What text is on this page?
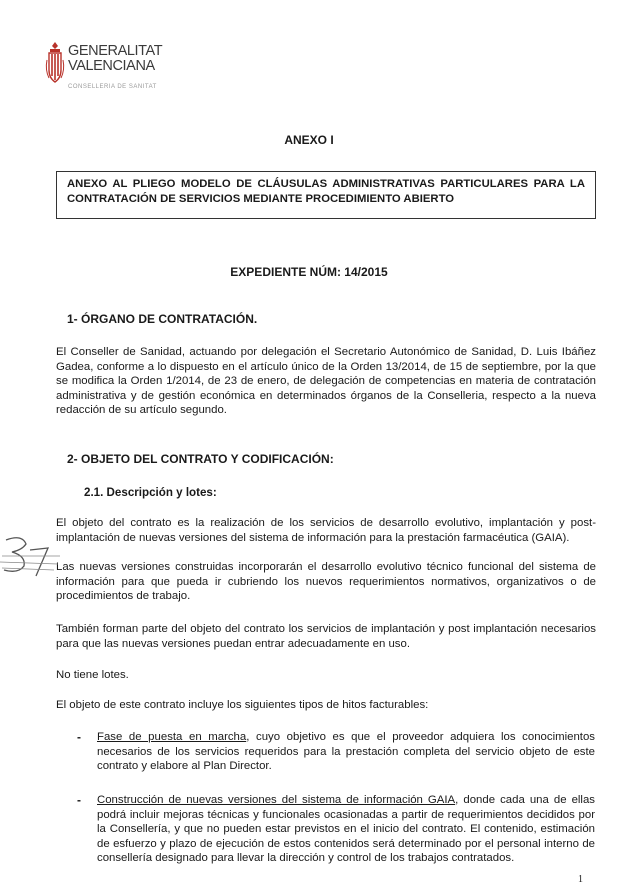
GENERALITAT
VALENCIANA
CONSELLERIA DE SANITAT
ANEXO I
ANEXO AL PLIEGO MODELO DE CLÁUSULAS ADMINISTRATIVAS PARTICULARES PARA LA CONTRATACIÓN DE SERVICIOS MEDIANTE PROCEDIMIENTO ABIERTO
EXPEDIENTE NÚM: 14/2015
1- ÓRGANO DE CONTRATACIÓN.
El Conseller de Sanidad, actuando por delegación el Secretario Autonómico de Sanidad, D. Luis Ibáñez Gadea, conforme a lo dispuesto en el artículo único de la Orden 13/2014, de 15 de septiembre, por la que se modifica la Orden 1/2014, de 23 de enero, de delegación de competencias en materia de contratación administrativa y de gestión económica en determinados órganos de la Conselleria, respecto a la nueva redacción de su artículo segundo.
2- OBJETO DEL CONTRATO Y CODIFICACIÓN:
2.1. Descripción y lotes:
El objeto del contrato es la realización de los servicios de desarrollo evolutivo, implantación y post-implantación de nuevas versiones del sistema de información para la prestación farmacéutica (GAIA).
Las nuevas versiones construidas incorporarán el desarrollo evolutivo técnico funcional del sistema de información para que pueda ir cubriendo los nuevos requerimientos normativos, organizativos o de procedimientos de trabajo.
También forman parte del objeto del contrato los servicios de implantación y post implantación necesarios para que las nuevas versiones puedan entrar adecuadamente en uso.
No tiene lotes.
El objeto de este contrato incluye los siguientes tipos de hitos facturables:
- Fase de puesta en marcha, cuyo objetivo es que el proveedor adquiera los conocimientos necesarios de los servicios requeridos para la prestación completa del servicio objeto de este contrato y elabore al Plan Director.
- Construcción de nuevas versiones del sistema de información GAIA, donde cada una de ellas podrá incluir mejoras técnicas y funcionales ocasionadas a partir de requerimientos decididos por la Consellería, y que no pueden estar previstos en el inicio del contrato. El contenido, estimación de esfuerzo y plazo de ejecución de estos contenidos será determinado por el personal interno de consellería designado para llevar la dirección y control de los trabajos contratados.
1
